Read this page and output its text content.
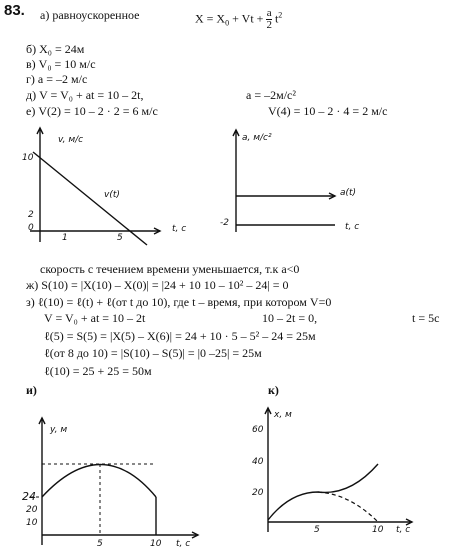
83. а) равноускоренное	$X = X_0 + Vt + \frac{a}{2} t^2$
б) X₀ = 24м
в) V₀ = 10 м/с
г) a = –2 м/с
д) V = V₀ + at = 10 – 2t,	a = –2м/с²
е) V(2) = 10 – 2 · 2 = 6 м/с	V(4) = 10 – 2 · 4 = 2 м/с
v, м/c
10
2
0
1	5
t, c
v(t)
a, м/c²
-2
a(t)
t, c
скорость с течением времени уменьшается, т.к a<0
ж) S(10) = |X(10) – X(0)| = |24 + 10 10 – 10² – 24| = 0
з) ℓ(10) = ℓ(t) + ℓ(от t до 10), где t – время, при котором V=0
V = V₀ + at = 10 – 2t	10 – 2t = 0,	t = 5c
ℓ(5) = S(5) = |X(5) – X(6)| = 24 + 10 · 5 – 5² – 24 = 25м
ℓ(от 8 до 10) = |S(10) – S(5)| = |0 –25| = 25м
ℓ(10) = 25 + 25 = 50м
и)	к)
y, м
24
20
10
5	10 t, c
x, м
60
40
20
5	10 t, c
